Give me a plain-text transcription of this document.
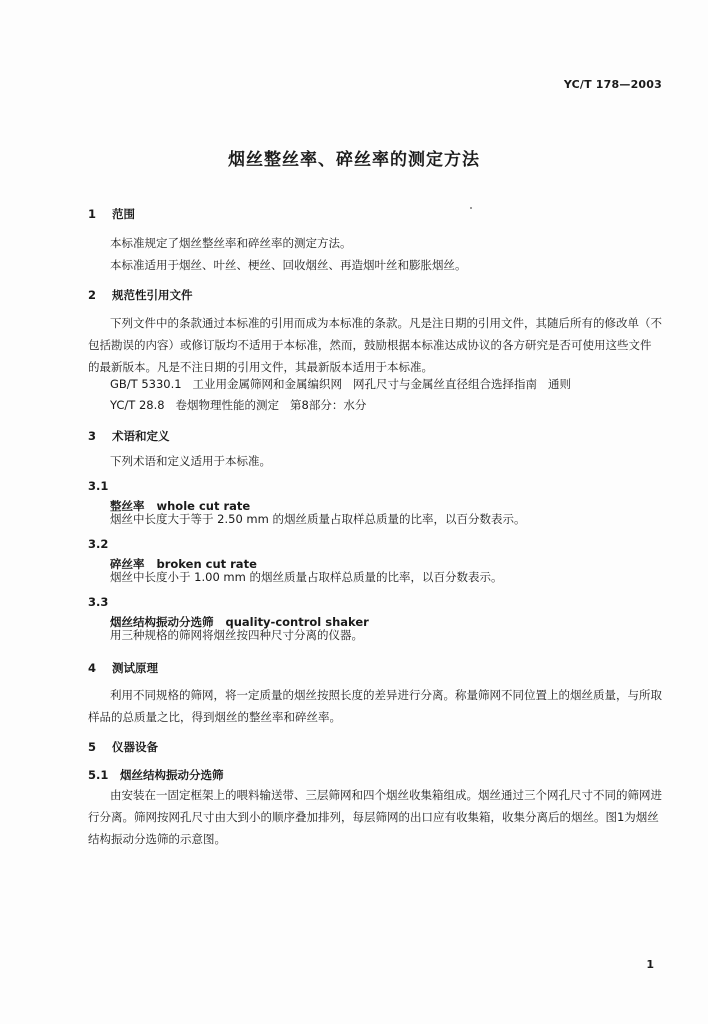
YC/T 178—2003
烟丝整丝率、碎丝率的测定方法
1 范围
本标准规定了烟丝整丝率和碎丝率的测定方法。
本标准适用于烟丝、叶丝、梗丝、回收烟丝、再造烟叶丝和膨胀烟丝。
2 规范性引用文件
下列文件中的条款通过本标准的引用而成为本标准的条款。凡是注日期的引用文件，其随后所有的修改单（不包括勘误的内容）或修订版均不适用于本标准，然而，鼓励根据本标准达成协议的各方研究是否可使用这些文件的最新版本。凡是不注日期的引用文件，其最新版本适用于本标准。
GB/T 5330.1   工业用金属筛网和金属编织网   网孔尺寸与金属丝直径组合选择指南   通则
YC/T 28.8   卷烟物理性能的测定   第8部分：水分
3 术语和定义
下列术语和定义适用于本标准。
3.1
整丝率 whole cut rate
烟丝中长度大于等于 2.50 mm 的烟丝质量占取样总质量的比率，以百分数表示。
3.2
碎丝率 broken cut rate
烟丝中长度小于 1.00 mm 的烟丝质量占取样总质量的比率，以百分数表示。
3.3
烟丝结构振动分选筛 quality-control shaker
用三种规格的筛网将烟丝按四种尺寸分离的仪器。
4 测试原理
利用不同规格的筛网，将一定质量的烟丝按照长度的差异进行分离。称量筛网不同位置上的烟丝质量，与所取样品的总质量之比，得到烟丝的整丝率和碎丝率。
5 仪器设备
5.1 烟丝结构振动分选筛
由安装在一固定框架上的喂料输送带、三层筛网和四个烟丝收集箱组成。烟丝通过三个网孔尺寸不同的筛网进行分离。筛网按网孔尺寸由大到小的顺序叠加排列，每层筛网的出口应有收集箱，收集分离后的烟丝。图1为烟丝结构振动分选筛的示意图。
1
